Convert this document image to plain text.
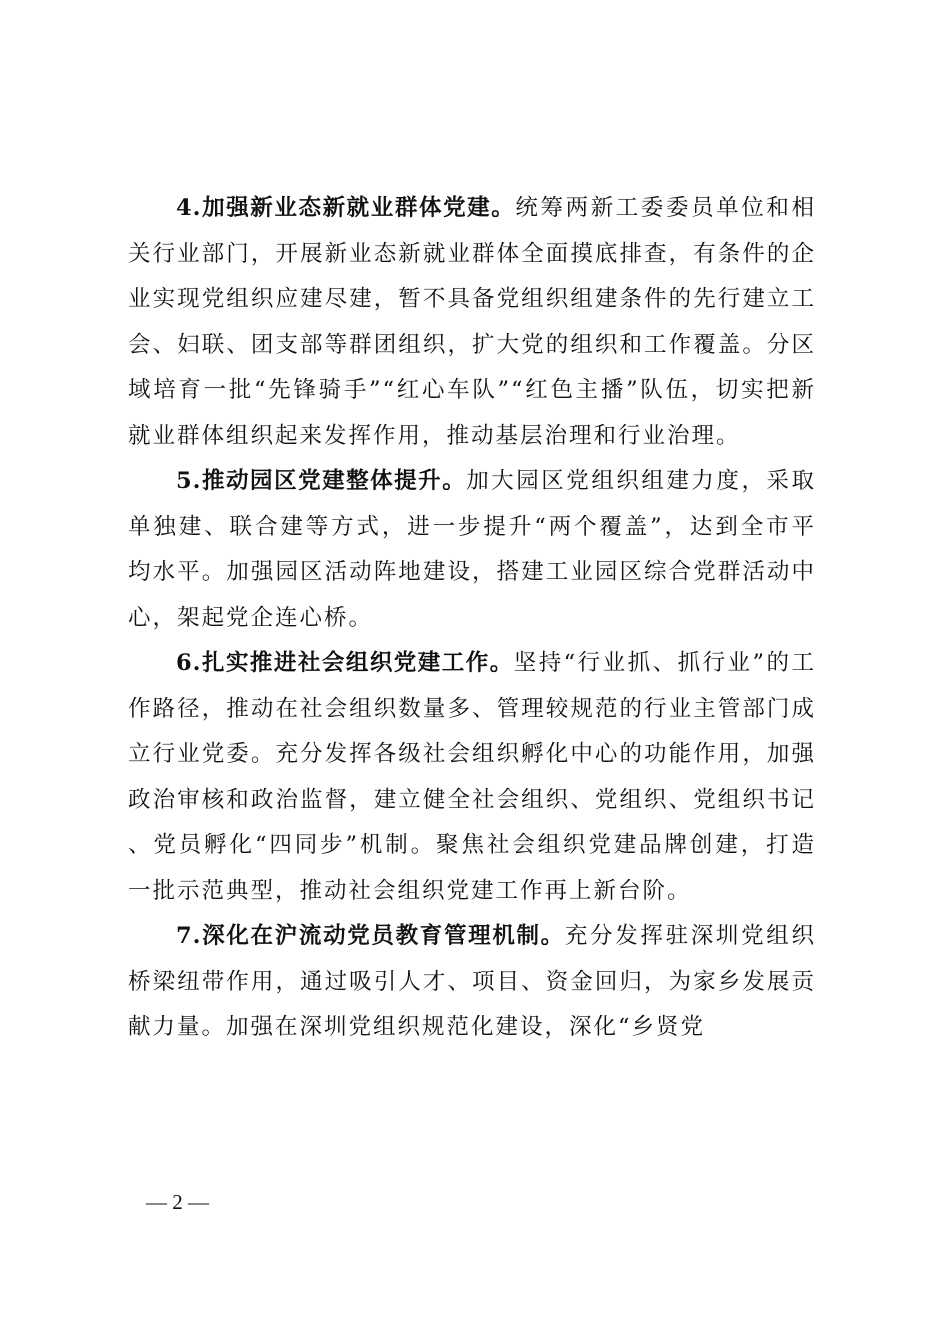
4.加强新业态新就业群体党建。统筹两新工委委员单位和相关行业部门，开展新业态新就业群体全面摸底排查，有条件的企业实现党组织应建尽建，暂不具备党组织组建条件的先行建立工会、妇联、团支部等群团组织，扩大党的组织和工作覆盖。分区域培育一批“先锋骑手”“红心车队”“红色主播”队伍，切实把新就业群体组织起来发挥作用，推动基层治理和行业治理。

5.推动园区党建整体提升。加大园区党组织组建力度，采取单独建、联合建等方式，进一步提升“两个覆盖”，达到全市平均水平。加强园区活动阵地建设，搭建工业园区综合党群活动中心，架起党企连心桥。

6.扎实推进社会组织党建工作。坚持“行业抓、抓行业”的工作路径，推动在社会组织数量多、管理较规范的行业主管部门成立行业党委。充分发挥各级社会组织孵化中心的功能作用，加强政治审核和政治监督，建立健全社会组织、党组织、党组织书记、党员孵化“四同步”机制。聚焦社会组织党建品牌创建，打造一批示范典型，推动社会组织党建工作再上新台阶。

7.深化在沪流动党员教育管理机制。充分发挥驻深圳党组织桥梁纽带作用，通过吸引人才、项目、资金回归，为家乡发展贡献力量。加强在深圳党组织规范化建设，深化“乡贤党

— 2 —
